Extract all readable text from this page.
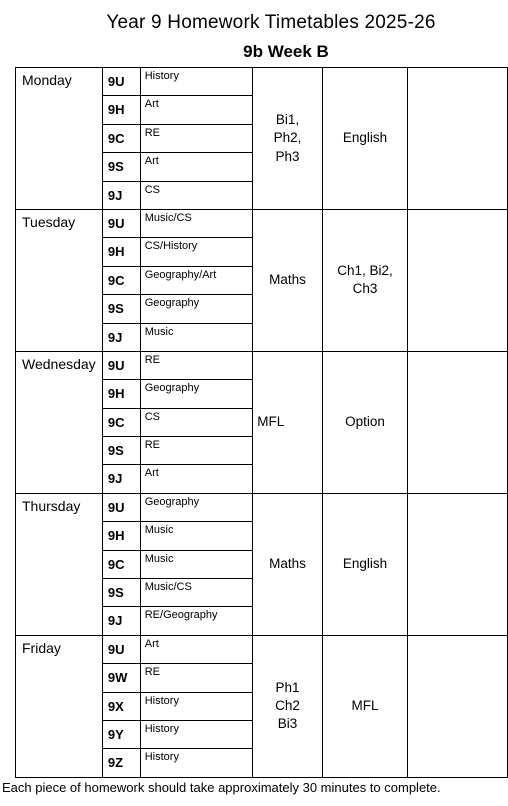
Year 9 Homework Timetables 2025-26
9b Week B
Monday	9U	History	Bi1,
Ph2,
Ph3	English	
	9H	Art			
	9C	RE			
	9S	Art			
	9J	CS			
Tuesday	9U	Music/CS	Maths	Ch1, Bi2,
Ch3	
	9H	CS/History			
	9C	Geography/Art			
	9S	Geography			
	9J	Music			
Wednesday	9U	RE	MFL	Option	
	9H	Geography			
	9C	CS			
	9S	RE			
	9J	Art			
Thursday	9U	Geography	Maths	English	
	9H	Music			
	9C	Music			
	9S	Music/CS			
	9J	RE/Geography			
Friday	9U	Art	Ph1
Ch2
Bi3	MFL	
	9W	RE			
	9X	History			
	9Y	History			
	9Z	History			
Each piece of homework should take approximately 30 minutes to complete.
